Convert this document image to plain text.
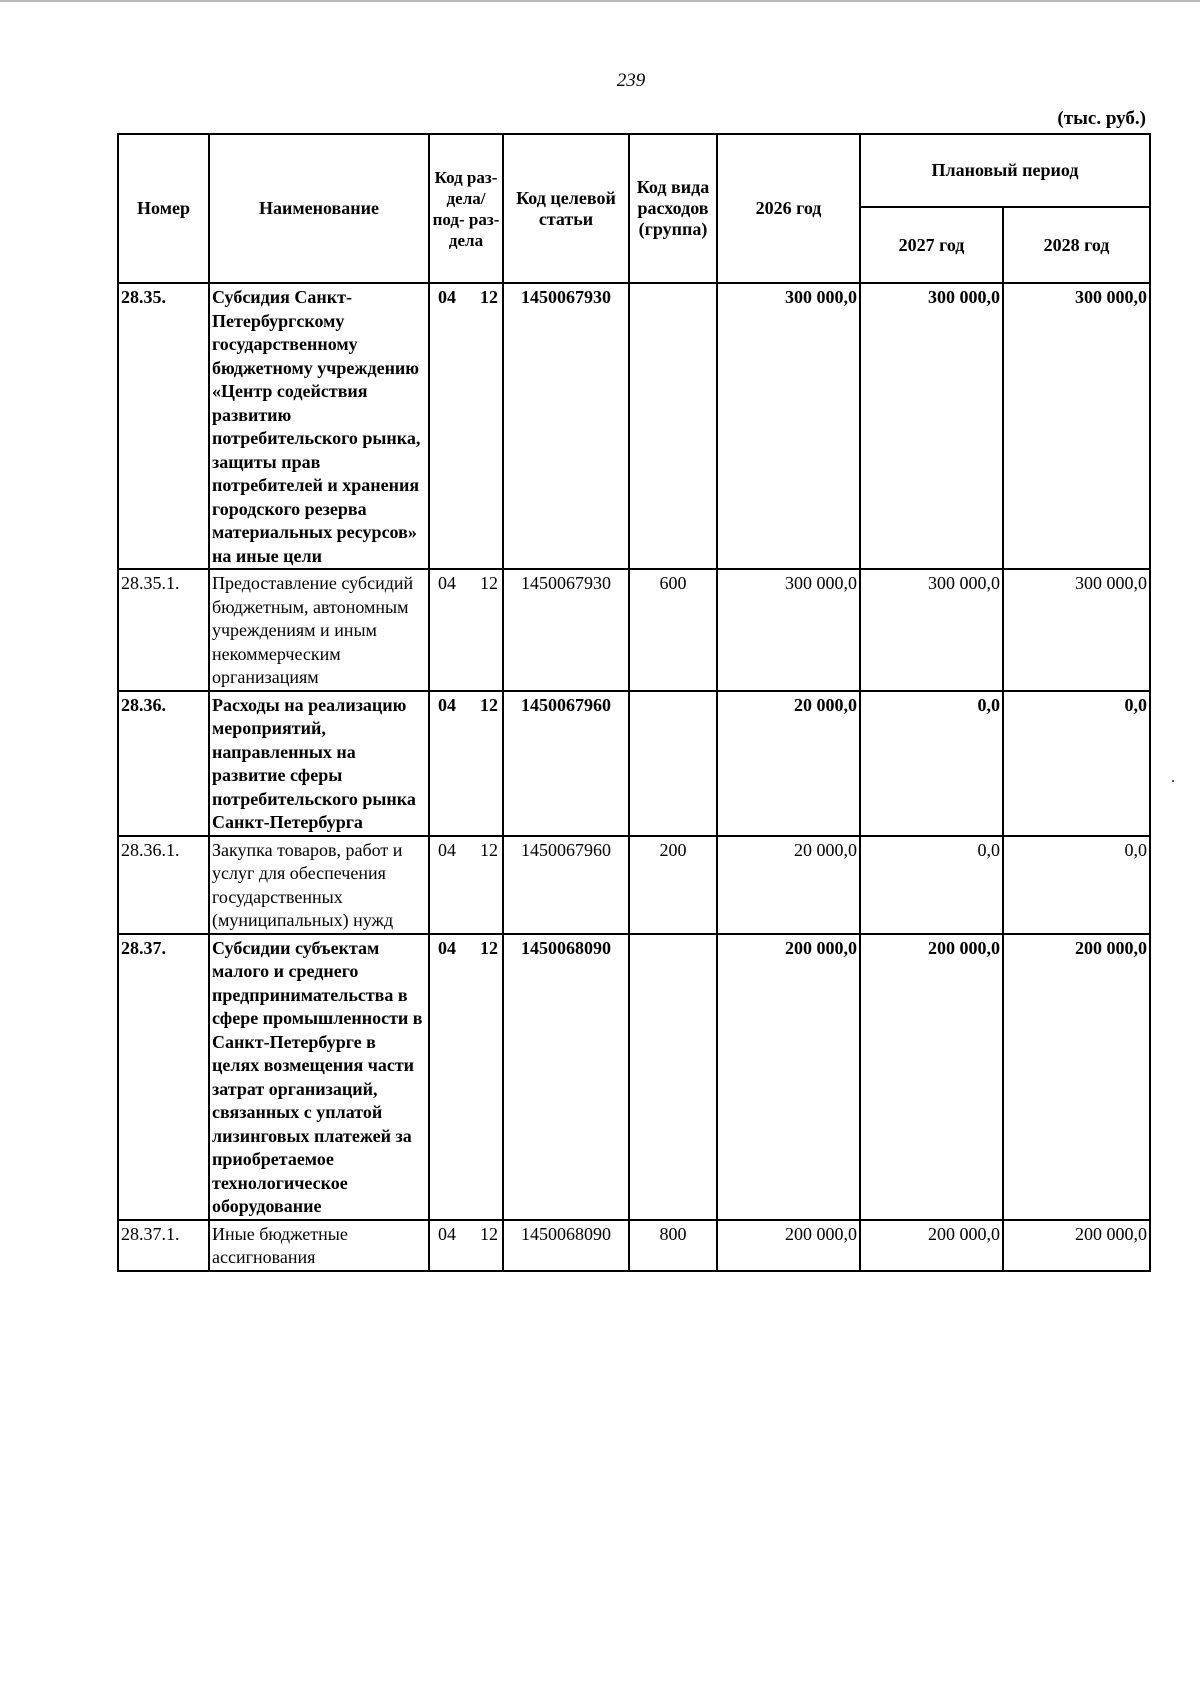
239
(тыс. руб.)
Номер	Наименование	Код раз- дела/ под- раз- дела	Код целевой статьи	Код вида расходов (группа)	2026 год	Плановый период	
						2027 год	2028 год
28.35.	Субсидия Санкт-Петербургскому государственному бюджетному учреждению «Центр содействия развитию потребительского рынка, защиты прав потребителей и хранения городского резерва материальных ресурсов» на иные цели	04 12	1450067930		300 000,0	300 000,0	300 000,0
28.35.1.	Предоставление субсидий бюджетным, автономным учреждениям и иным некоммерческим организациям	04 12	1450067930	600	300 000,0	300 000,0	300 000,0
28.36.	Расходы на реализацию мероприятий, направленных на развитие сферы потребительского рынка Санкт-Петербурга	04 12	1450067960		20 000,0	0,0	0,0
28.36.1.	Закупка товаров, работ и услуг для обеспечения государственных (муниципальных) нужд	04 12	1450067960	200	20 000,0	0,0	0,0
28.37.	Субсидии субъектам малого и среднего предпринимательства в сфере промышленности в Санкт-Петербурге в целях возмещения части затрат организаций, связанных с уплатой лизинговых платежей за приобретаемое технологическое оборудование	04 12	1450068090		200 000,0	200 000,0	200 000,0
28.37.1.	Иные бюджетные ассигнования	04 12	1450068090	800	200 000,0	200 000,0	200 000,0
